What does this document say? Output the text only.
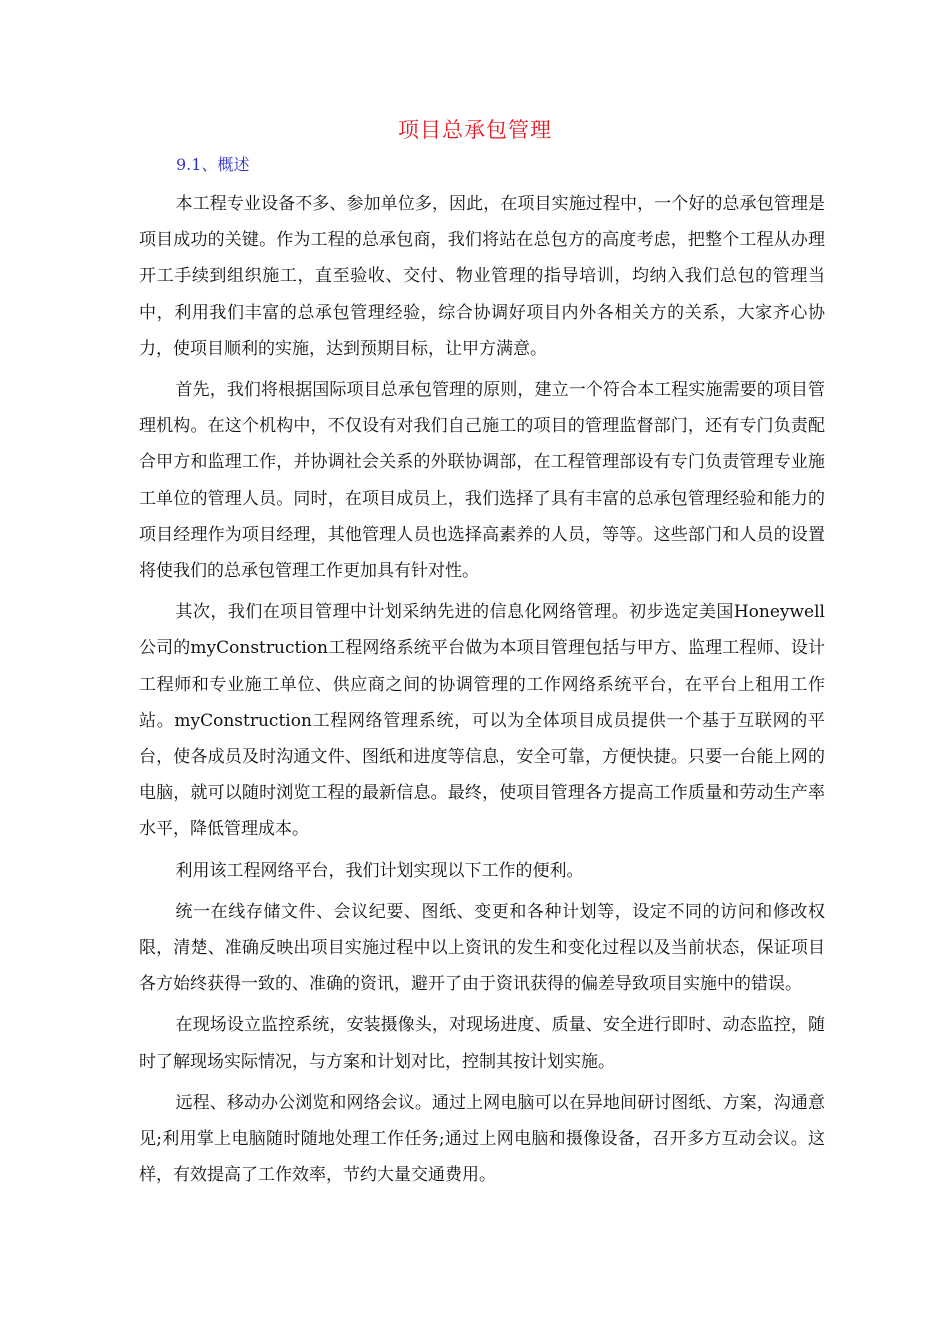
项目总承包管理
9.1、概述

本工程专业设备不多、参加单位多，因此，在项目实施过程中，一个好的总承包管理是项目成功的关键。作为工程的总承包商，我们将站在总包方的高度考虑，把整个工程从办理开工手续到组织施工，直至验收、交付、物业管理的指导培训，均纳入我们总包的管理当中，利用我们丰富的总承包管理经验，综合协调好项目内外各相关方的关系，大家齐心协力，使项目顺利的实施，达到预期目标，让甲方满意。

首先，我们将根据国际项目总承包管理的原则，建立一个符合本工程实施需要的项目管理机构。在这个机构中，不仅设有对我们自己施工的项目的管理监督部门，还有专门负责配合甲方和监理工作，并协调社会关系的外联协调部，在工程管理部设有专门负责管理专业施工单位的管理人员。同时，在项目成员上，我们选择了具有丰富的总承包管理经验和能力的项目经理作为项目经理，其他管理人员也选择高素养的人员，等等。这些部门和人员的设置将使我们的总承包管理工作更加具有针对性。

其次，我们在项目管理中计划采纳先进的信息化网络管理。初步选定美国Honeywell公司的myConstruction工程网络系统平台做为本项目管理包括与甲方、监理工程师、设计工程师和专业施工单位、供应商之间的协调管理的工作网络系统平台，在平台上租用工作站。myConstruction工程网络管理系统，可以为全体项目成员提供一个基于互联网的平台，使各成员及时沟通文件、图纸和进度等信息，安全可靠，方便快捷。只要一台能上网的电脑，就可以随时浏览工程的最新信息。最终，使项目管理各方提高工作质量和劳动生产率水平，降低管理成本。

利用该工程网络平台，我们计划实现以下工作的便利。

统一在线存储文件、会议纪要、图纸、变更和各种计划等，设定不同的访问和修改权限，清楚、准确反映出项目实施过程中以上资讯的发生和变化过程以及当前状态，保证项目各方始终获得一致的、准确的资讯，避开了由于资讯获得的偏差导致项目实施中的错误。

在现场设立监控系统，安装摄像头，对现场进度、质量、安全进行即时、动态监控，随时了解现场实际情况，与方案和计划对比，控制其按计划实施。

远程、移动办公浏览和网络会议。通过上网电脑可以在异地间研讨图纸、方案，沟通意见;利用掌上电脑随时随地处理工作任务;通过上网电脑和摄像设备，召开多方互动会议。这样，有效提高了工作效率，节约大量交通费用。
